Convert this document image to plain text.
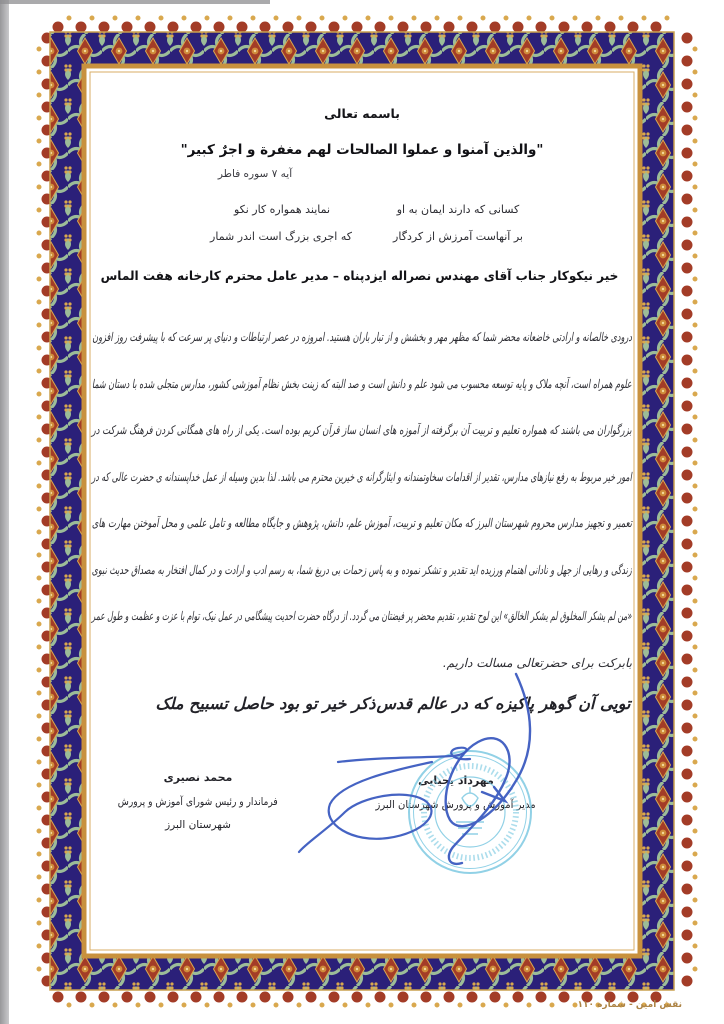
باسمه تعالی
"والذین آمنوا و عملوا الصالحات لهم مغفرة و اجرٌ کبیر"
آیه ۷ سوره فاطر
کسانی که دارند ایمان به او
بر آنهاست آمرزش از کردگار
نمایند همواره کار نکو
که اجری بزرگ است اندر شمار
خیر نیکوکار جناب آقای مهندس نصراله ایزدپناه – مدیر عامل محترم کارخانه هفت الماس
درودی خالصانه و ارادتی خاضعانه محضر شما که مظهر مهر و بخشش و از تبار باران هستید. امروزه در عصر ارتباطات و دنیای پر سرعت که با پیشرفت روز افزون
علوم همراه است، آنچه ملاک و پایه توسعه محسوب می شود علم و دانش است و صد البته که زینت بخش نظام آموزشی کشور، مدارس متجلی شده با دستان شما
بزرگواران می باشند که همواره تعلیم و تربیت آن برگرفته از آموزه های انسان ساز قرآن کریم بوده است. یکی از راه های همگانی کردن فرهنگ شرکت در
امور خیر مربوط به رفع نیازهای مدارس، تقدیر از اقدامات سخاوتمندانه و ایثارگرانه ی خیرین محترم می باشد. لذا بدین وسیله از عمل خداپسندانه ی حضرت عالی که در
تعمیر و تجهیز مدارس محروم شهرستان البرز که مکان تعلیم و تربیت، آموزش علم، دانش، پژوهش و جایگاه مطالعه و تامل علمی و محل آموختن مهارت های
زندگی و رهایی از جهل و نادانی اهتمام ورزیده اید تقدیر و تشکر نموده و به پاس زحمات بی دریغ شما، به رسم ادب و ارادت و در کمال افتخار به مصداق حدیث نبوی
«من لم یشکر المخلوق لم یشکر الخالق» این لوح تقدیر، تقدیم محضر پر فیضتان می گردد. از درگاه حضرت احدیت پیشگامی در عمل نیک، توام با عزت و عظمت و طول عمر
بابرکت برای حضرتعالی مسالت داریم.
تویی آن گوهر پاکیزه که در عالم قدس
ذکر خیر تو بود حاصل تسبیح ملک
مهرداد یحیایی
مدیر آموزش و پرورش شهرستان البرز
محمد نصیری
فرماندار و رئیس شورای آموزش و پرورش
شهرستان البرز
نقش امین - شماره ۱۱۰
